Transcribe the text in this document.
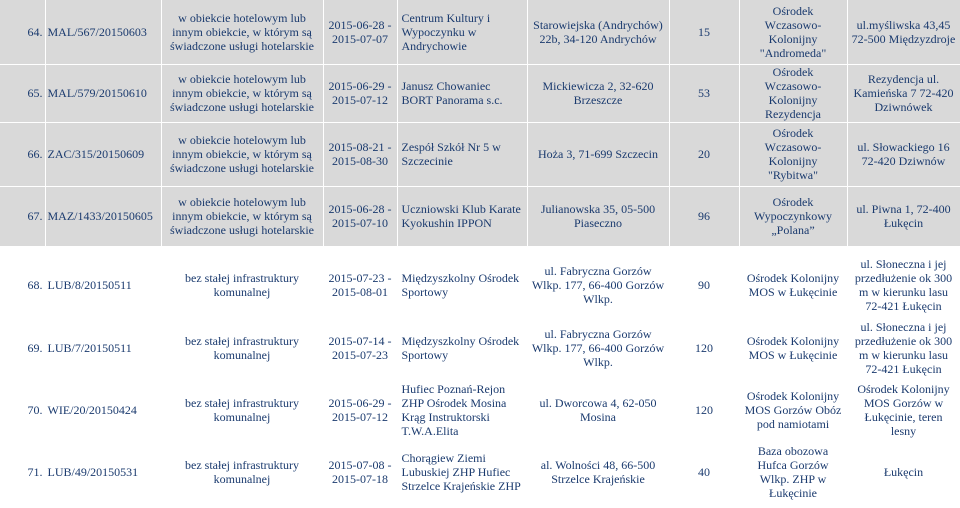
64.	MAL/567/20150603	w obiekcie hotelowym lub innym obiekcie, w którym są świadczone usługi hotelarskie	2015-06-28 - 2015-07-07	Centrum Kultury i Wypoczynku w Andrychowie	Starowiejska (Andrychów) 22b, 34-120 Andrychów	15	Ośrodek Wczasowo-Kolonijny "Andromeda"	ul.myśliwska 43,45 72-500 Międzyzdroje
65.	MAL/579/20150610	w obiekcie hotelowym lub innym obiekcie, w którym są świadczone usługi hotelarskie	2015-06-29 - 2015-07-12	Janusz Chowaniec BORT Panorama s.c.	Mickiewicza 2, 32-620 Brzeszcze	53	Ośrodek Wczasowo-Kolonijny Rezydencja	Rezydencja ul. Kamieńska 7 72-420 Dziwnówek
66.	ZAC/315/20150609	w obiekcie hotelowym lub innym obiekcie, w którym są świadczone usługi hotelarskie	2015-08-21 - 2015-08-30	Zespół Szkół Nr 5 w Szczecinie	Hoża 3, 71-699 Szczecin	20	Ośrodek Wczasowo-Kolonijny "Rybitwa"	ul. Słowackiego 16 72-420 Dziwnów
67.	MAZ/1433/20150605	w obiekcie hotelowym lub innym obiekcie, w którym są świadczone usługi hotelarskie	2015-06-28 - 2015-07-10	Uczniowski Klub Karate Kyokushin IPPON	Julianowska 35, 05-500 Piaseczno	96	Ośrodek Wypoczynkowy „Polana”	ul. Piwna 1, 72-400 Łukęcin

68.	LUB/8/20150511	bez stałej infrastruktury komunalnej	2015-07-23 - 2015-08-01	Międzyszkolny Ośrodek Sportowy	ul. Fabryczna Gorzów Wlkp. 177, 66-400 Gorzów Wlkp.	90	Ośrodek Kolonijny MOS w Łukęcinie	ul. Słoneczna i jej przedłużenie ok 300 m w kierunku lasu 72-421 Łukęcin
69.	LUB/7/20150511	bez stałej infrastruktury komunalnej	2015-07-14 - 2015-07-23	Międzyszkolny Ośrodek Sportowy	ul. Fabryczna Gorzów Wlkp. 177, 66-400 Gorzów Wlkp.	120	Ośrodek Kolonijny MOS w Łukęcinie	ul. Słoneczna i jej przedłużenie ok 300 m w kierunku lasu 72-421 Łukęcin
70.	WIE/20/20150424	bez stałej infrastruktury komunalnej	2015-06-29 - 2015-07-12	Hufiec Poznań-Rejon ZHP Ośrodek Mosina Krąg Instruktorski T.W.A.Elita	ul. Dworcowa 4, 62-050 Mosina	120	Ośrodek Kolonijny MOS Gorzów Obóz pod namiotami	Ośrodek Kolonijny MOS Gorzów w Łukęcinie, teren lesny
71.	LUB/49/20150531	bez stałej infrastruktury komunalnej	2015-07-08 - 2015-07-18	Chorągiew Ziemi Lubuskiej ZHP Hufiec Strzelce Krajeńskie ZHP	al. Wolności 48, 66-500 Strzelce Krajeńskie	40	Baza obozowa Hufca Gorzów Wlkp. ZHP w Łukęcinie	Łukęcin
